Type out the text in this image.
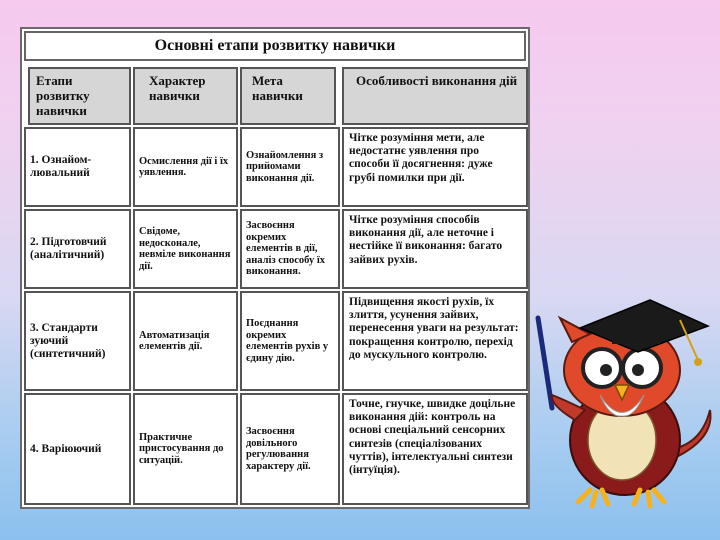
Основні етапи розвитку навички
Етапи розвитку навички
Характер навички
Мета навички
Особливості виконання дій
1. Ознайом-лювальний
Осмислення дії і їх уявлення.
Ознайомлення з прийомами виконання дії.
Чітке розуміння мети, але недостатнє уявлення про способи її досягнення: дуже грубі помилки при дії.
2. Підготовчий (аналітичний)
Свідоме, недосконале, невміле виконання дії.
Засвоєння окремих елементів в дії, аналіз способу їх виконання.
Чітке розуміння способів виконання дії, але неточне і нестійке її виконання: багато зайвих рухів.
3. Стандарти зуючий (синтетичний)
Автоматизація елементів дії.
Поєднання окремих елементів рухів у єдину дію.
Підвищення якості рухів, їх злиття, усунення зайвих, перенесення уваги на результат: покращення контролю, перехід до мускульного контролю.
4. Варіюючий
Практичне пристосування до ситуацій.
Засвоєння довільного регулювання характеру дії.
Точне, гнучке, швидке доцільне виконання дій: контроль на основі спеціальний сенсорних синтезів (спеціалізованих чуттів), інтелектуальні синтези (інтуїція).
